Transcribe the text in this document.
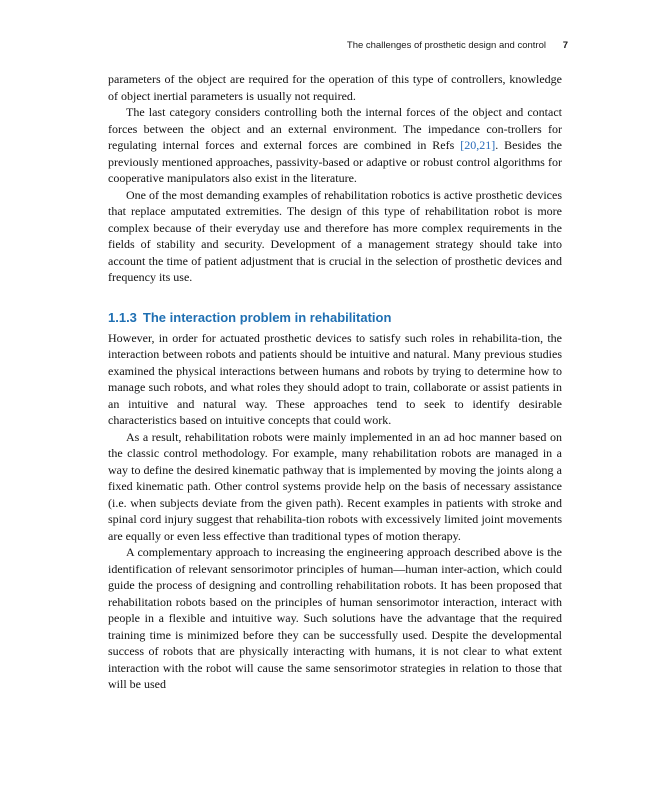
The challenges of prosthetic design and control 7

parameters of the object are required for the operation of this type of controllers, knowledge of object inertial parameters is usually not required.

The last category considers controlling both the internal forces of the object and contact forces between the object and an external environment. The impedance con-trollers for regulating internal forces and external forces are combined in Refs [20,21]. Besides the previously mentioned approaches, passivity-based or adaptive or robust control algorithms for cooperative manipulators also exist in the literature.

One of the most demanding examples of rehabilitation robotics is active prosthetic devices that replace amputated extremities. The design of this type of rehabilitation robot is more complex because of their everyday use and therefore has more complex requirements in the fields of stability and security. Development of a management strategy should take into account the time of patient adjustment that is crucial in the selection of prosthetic devices and frequency its use.

1.1.3 The interaction problem in rehabilitation

However, in order for actuated prosthetic devices to satisfy such roles in rehabilita-tion, the interaction between robots and patients should be intuitive and natural. Many previous studies examined the physical interactions between humans and robots by trying to determine how to manage such robots, and what roles they should adopt to train, collaborate or assist patients in an intuitive and natural way. These approaches tend to seek to identify desirable characteristics based on intuitive concepts that could work.

As a result, rehabilitation robots were mainly implemented in an ad hoc manner based on the classic control methodology. For example, many rehabilitation robots are managed in a way to define the desired kinematic pathway that is implemented by moving the joints along a fixed kinematic path. Other control systems provide help on the basis of necessary assistance (i.e. when subjects deviate from the given path). Recent examples in patients with stroke and spinal cord injury suggest that rehabilita-tion robots with excessively limited joint movements are equally or even less effective than traditional types of motion therapy.

A complementary approach to increasing the engineering approach described above is the identification of relevant sensorimotor principles of human—human inter-action, which could guide the process of designing and controlling rehabilitation robots. It has been proposed that rehabilitation robots based on the principles of human sensorimotor interaction, interact with people in a flexible and intuitive way. Such solutions have the advantage that the required training time is minimized before they can be successfully used. Despite the developmental success of robots that are physically interacting with humans, it is not clear to what extent interaction with the robot will cause the same sensorimotor strategies in relation to those that will be used
